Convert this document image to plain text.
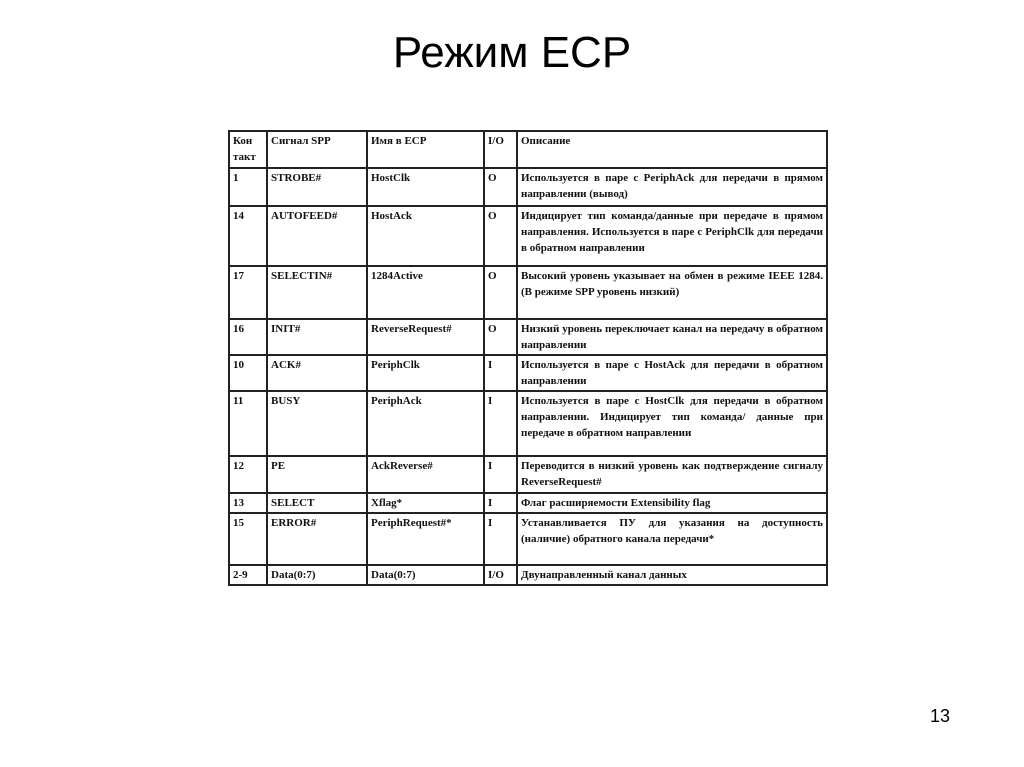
Режим ЕСР
Кон такт	Сигнал SPP	Имя в ЕСР	I/O	Описание
1	STROBE#	HostClk	O	Используется в паре с PeriphAck для передачи в прямом направлении (вывод)
14	AUTOFEED#	HostAck	O	Индицирует тип команда/данные при передаче в прямом направления. Используется в паре с PeriphClk для передачи в обратном направлении
17	SELECTIN#	1284Active	O	Высокий уровень указывает на обмен в режиме IEEE 1284. (В режиме SPP уровень низкий)
16	INIT#	ReverseRequest#	O	Низкий уровень переключает канал на передачу в обратном направлении
10	ACK#	PeriphClk	I	Используется в паре с HostAck для передачи в обратном направлении
11	BUSY	PeriphAck	I	Используется в паре с HostClk для передачи в обратном направлении. Индицирует тип команда/ данные при передаче в обратном направлении
12	PE	AckReverse#	I	Переводится в низкий уровень как подтверждение сигналу ReverseRequest#
13	SELECT	Xflag*	I	Флаг расширяемости Extensibility flag
15	ERROR#	PeriphRequest#*	I	Устанавливается ПУ для указания на доступность (наличие) обратного канала передачи*
2-9	Data(0:7)	Data(0:7)	I/O	Двунаправленный канал данных
13
